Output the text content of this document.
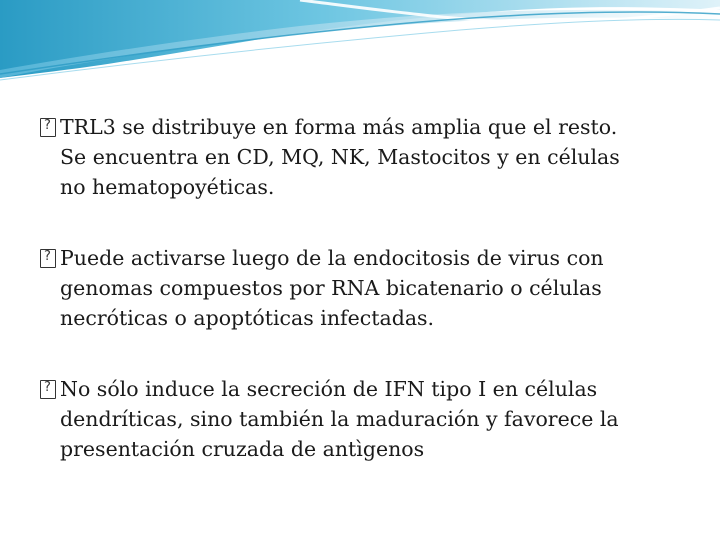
?
TRL3 se distribuye en forma más amplia que el resto.
Se encuentra en CD, MQ, NK, Mastocitos y en células
no hematopoyéticas.
?
Puede activarse luego de la endocitosis de virus con
genomas compuestos por RNA bicatenario o células
necróticas o apoptóticas infectadas.
?
No sólo induce la secreción de IFN tipo I en células
dendríticas, sino también la maduración y favorece la
presentación cruzada de antìgenos
